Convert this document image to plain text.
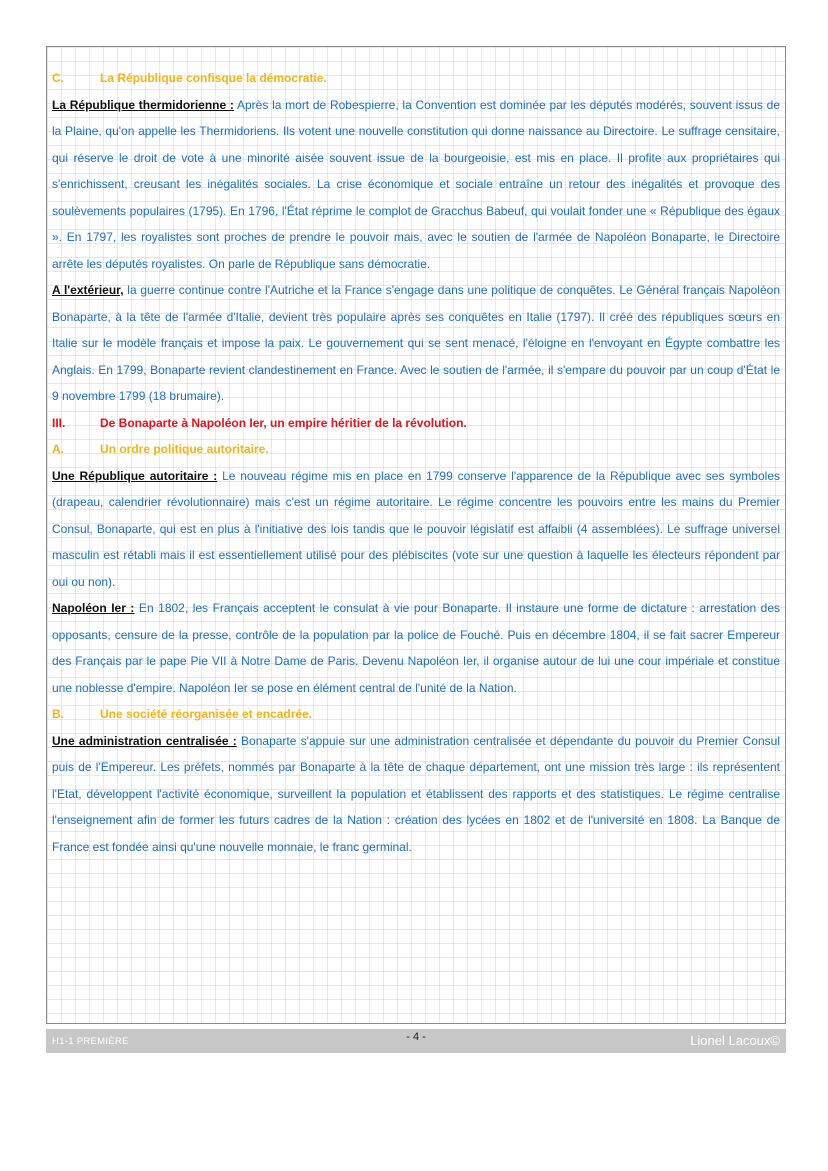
C.	La République confisque la démocratie.

La République thermidorienne : Après la mort de Robespierre, la Convention est dominée par les députés modérés, souvent issus de la Plaine, qu'on appelle les Thermidoriens. Ils votent une nouvelle constitution qui donne naissance au Directoire. Le suffrage censitaire, qui réserve le droit de vote à une minorité aisée souvent issue de la bourgeoisie, est mis en place. Il profite aux propriétaires qui s'enrichissent, creusant les inégalités sociales. La crise économique et sociale entraîne un retour des inégalités et provoque des soulèvements populaires (1795). En 1796, l'État réprime le complot de Gracchus Babeuf, qui voulait fonder une « République des égaux ». En 1797, les royalistes sont proches de prendre le pouvoir mais, avec le soutien de l'armée de Napoléon Bonaparte, le Directoire arrête les députés royalistes. On parle de République sans démocratie.

A l'extérieur, la guerre continue contre l'Autriche et la France s'engage dans une politique de conquêtes. Le Général français Napoléon Bonaparte, à la tête de l'armée d'Italie, devient très populaire après ses conquêtes en Italie (1797). Il créé des républiques sœurs en Italie sur le modèle français et impose la paix. Le gouvernement qui se sent menacé, l'éloigne en l'envoyant en Égypte combattre les Anglais. En 1799, Bonaparte revient clandestinement en France. Avec le soutien de l'armée, il s'empare du pouvoir par un coup d'État le 9 novembre 1799 (18 brumaire).

III.	De Bonaparte à Napoléon Ier, un empire héritier de la révolution.

A.	Un ordre politique autoritaire.

Une République autoritaire : Le nouveau régime mis en place en 1799 conserve l'apparence de la République avec ses symboles (drapeau, calendrier révolutionnaire) mais c'est un régime autoritaire. Le régime concentre les pouvoirs entre les mains du Premier Consul, Bonaparte, qui est en plus à l'initiative des lois tandis que le pouvoir législatif est affaibli (4 assemblées). Le suffrage universel masculin est rétabli mais il est essentiellement utilisé pour des plébiscites (vote sur une question à laquelle les électeurs répondent par oui ou non).

Napoléon Ier : En 1802, les Français acceptent le consulat à vie pour Bonaparte. Il instaure une forme de dictature : arrestation des opposants, censure de la presse, contrôle de la population par la police de Fouché. Puis en décembre 1804, il se fait sacrer Empereur des Français par le pape Pie VII à Notre Dame de Paris. Devenu Napoléon Ier, il organise autour de lui une cour impériale et constitue une noblesse d'empire. Napoléon Ier se pose en élément central de l'unité de la Nation.

B.	Une société réorganisée et encadrée.

Une administration centralisée : Bonaparte s'appuie sur une administration centralisée et dépendante du pouvoir du Premier Consul puis de l'Empereur. Les préfets, nommés par Bonaparte à la tête de chaque département, ont une mission très large : ils représentent l'Etat, développent l'activité économique, surveillent la population et établissent des rapports et des statistiques. Le régime centralise l'enseignement afin de former les futurs cadres de la Nation : création des lycées en 1802 et de l'université en 1808. La Banque de France est fondée ainsi qu'une nouvelle monnaie, le franc germinal.

H1-1 PREMIÈRE	- 4 -	Lionel Lacoux©
